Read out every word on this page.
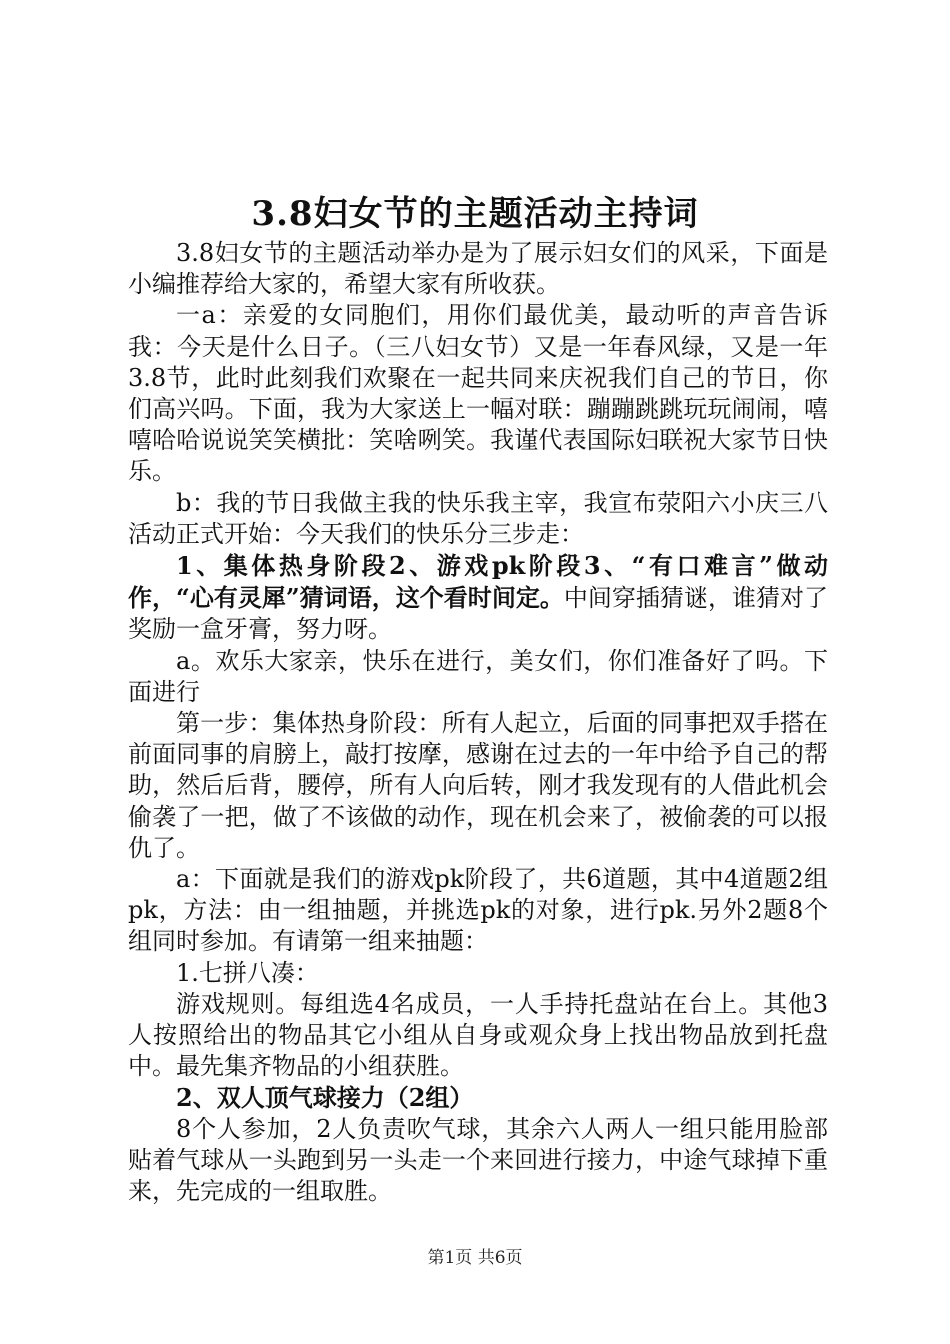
3.8妇女节的主题活动主持词

3.8妇女节的主题活动举办是为了展示妇女们的风采，下面是小编推荐给大家的，希望大家有所收获。

一a：亲爱的女同胞们，用你们最优美，最动听的声音告诉我：今天是什么日子。（三八妇女节）又是一年春风绿，又是一年3.8节，此时此刻我们欢聚在一起共同来庆祝我们自己的节日，你们高兴吗。下面，我为大家送上一幅对联：蹦蹦跳跳玩玩闹闹，嘻嘻哈哈说说笑笑横批：笑啥咧笑。我谨代表国际妇联祝大家节日快乐。

b：我的节日我做主我的快乐我主宰，我宣布荥阳六小庆三八活动正式开始：今天我们的快乐分三步走：

1、集体热身阶段2、游戏pk阶段3、“有口难言”做动作，“心有灵犀”猜词语，这个看时间定。中间穿插猜谜，谁猜对了奖励一盒牙膏，努力呀。

a。欢乐大家亲，快乐在进行，美女们，你们准备好了吗。下面进行

第一步：集体热身阶段：所有人起立，后面的同事把双手搭在前面同事的肩膀上，敲打按摩，感谢在过去的一年中给予自己的帮助，然后后背，腰停，所有人向后转，刚才我发现有的人借此机会偷袭了一把，做了不该做的动作，现在机会来了，被偷袭的可以报仇了。

a：下面就是我们的游戏pk阶段了，共6道题，其中4道题2组pk，方法：由一组抽题，并挑选pk的对象，进行pk.另外2题8个组同时参加。有请第一组来抽题：

1.七拼八凑：

游戏规则。每组选4名成员，一人手持托盘站在台上。其他3人按照给出的物品其它小组从自身或观众身上找出物品放到托盘中。最先集齐物品的小组获胜。

2、双人顶气球接力（2组）

8个人参加，2人负责吹气球，其余六人两人一组只能用脸部贴着气球从一头跑到另一头走一个来回进行接力，中途气球掉下重来，先完成的一组取胜。

第1页 共6页
